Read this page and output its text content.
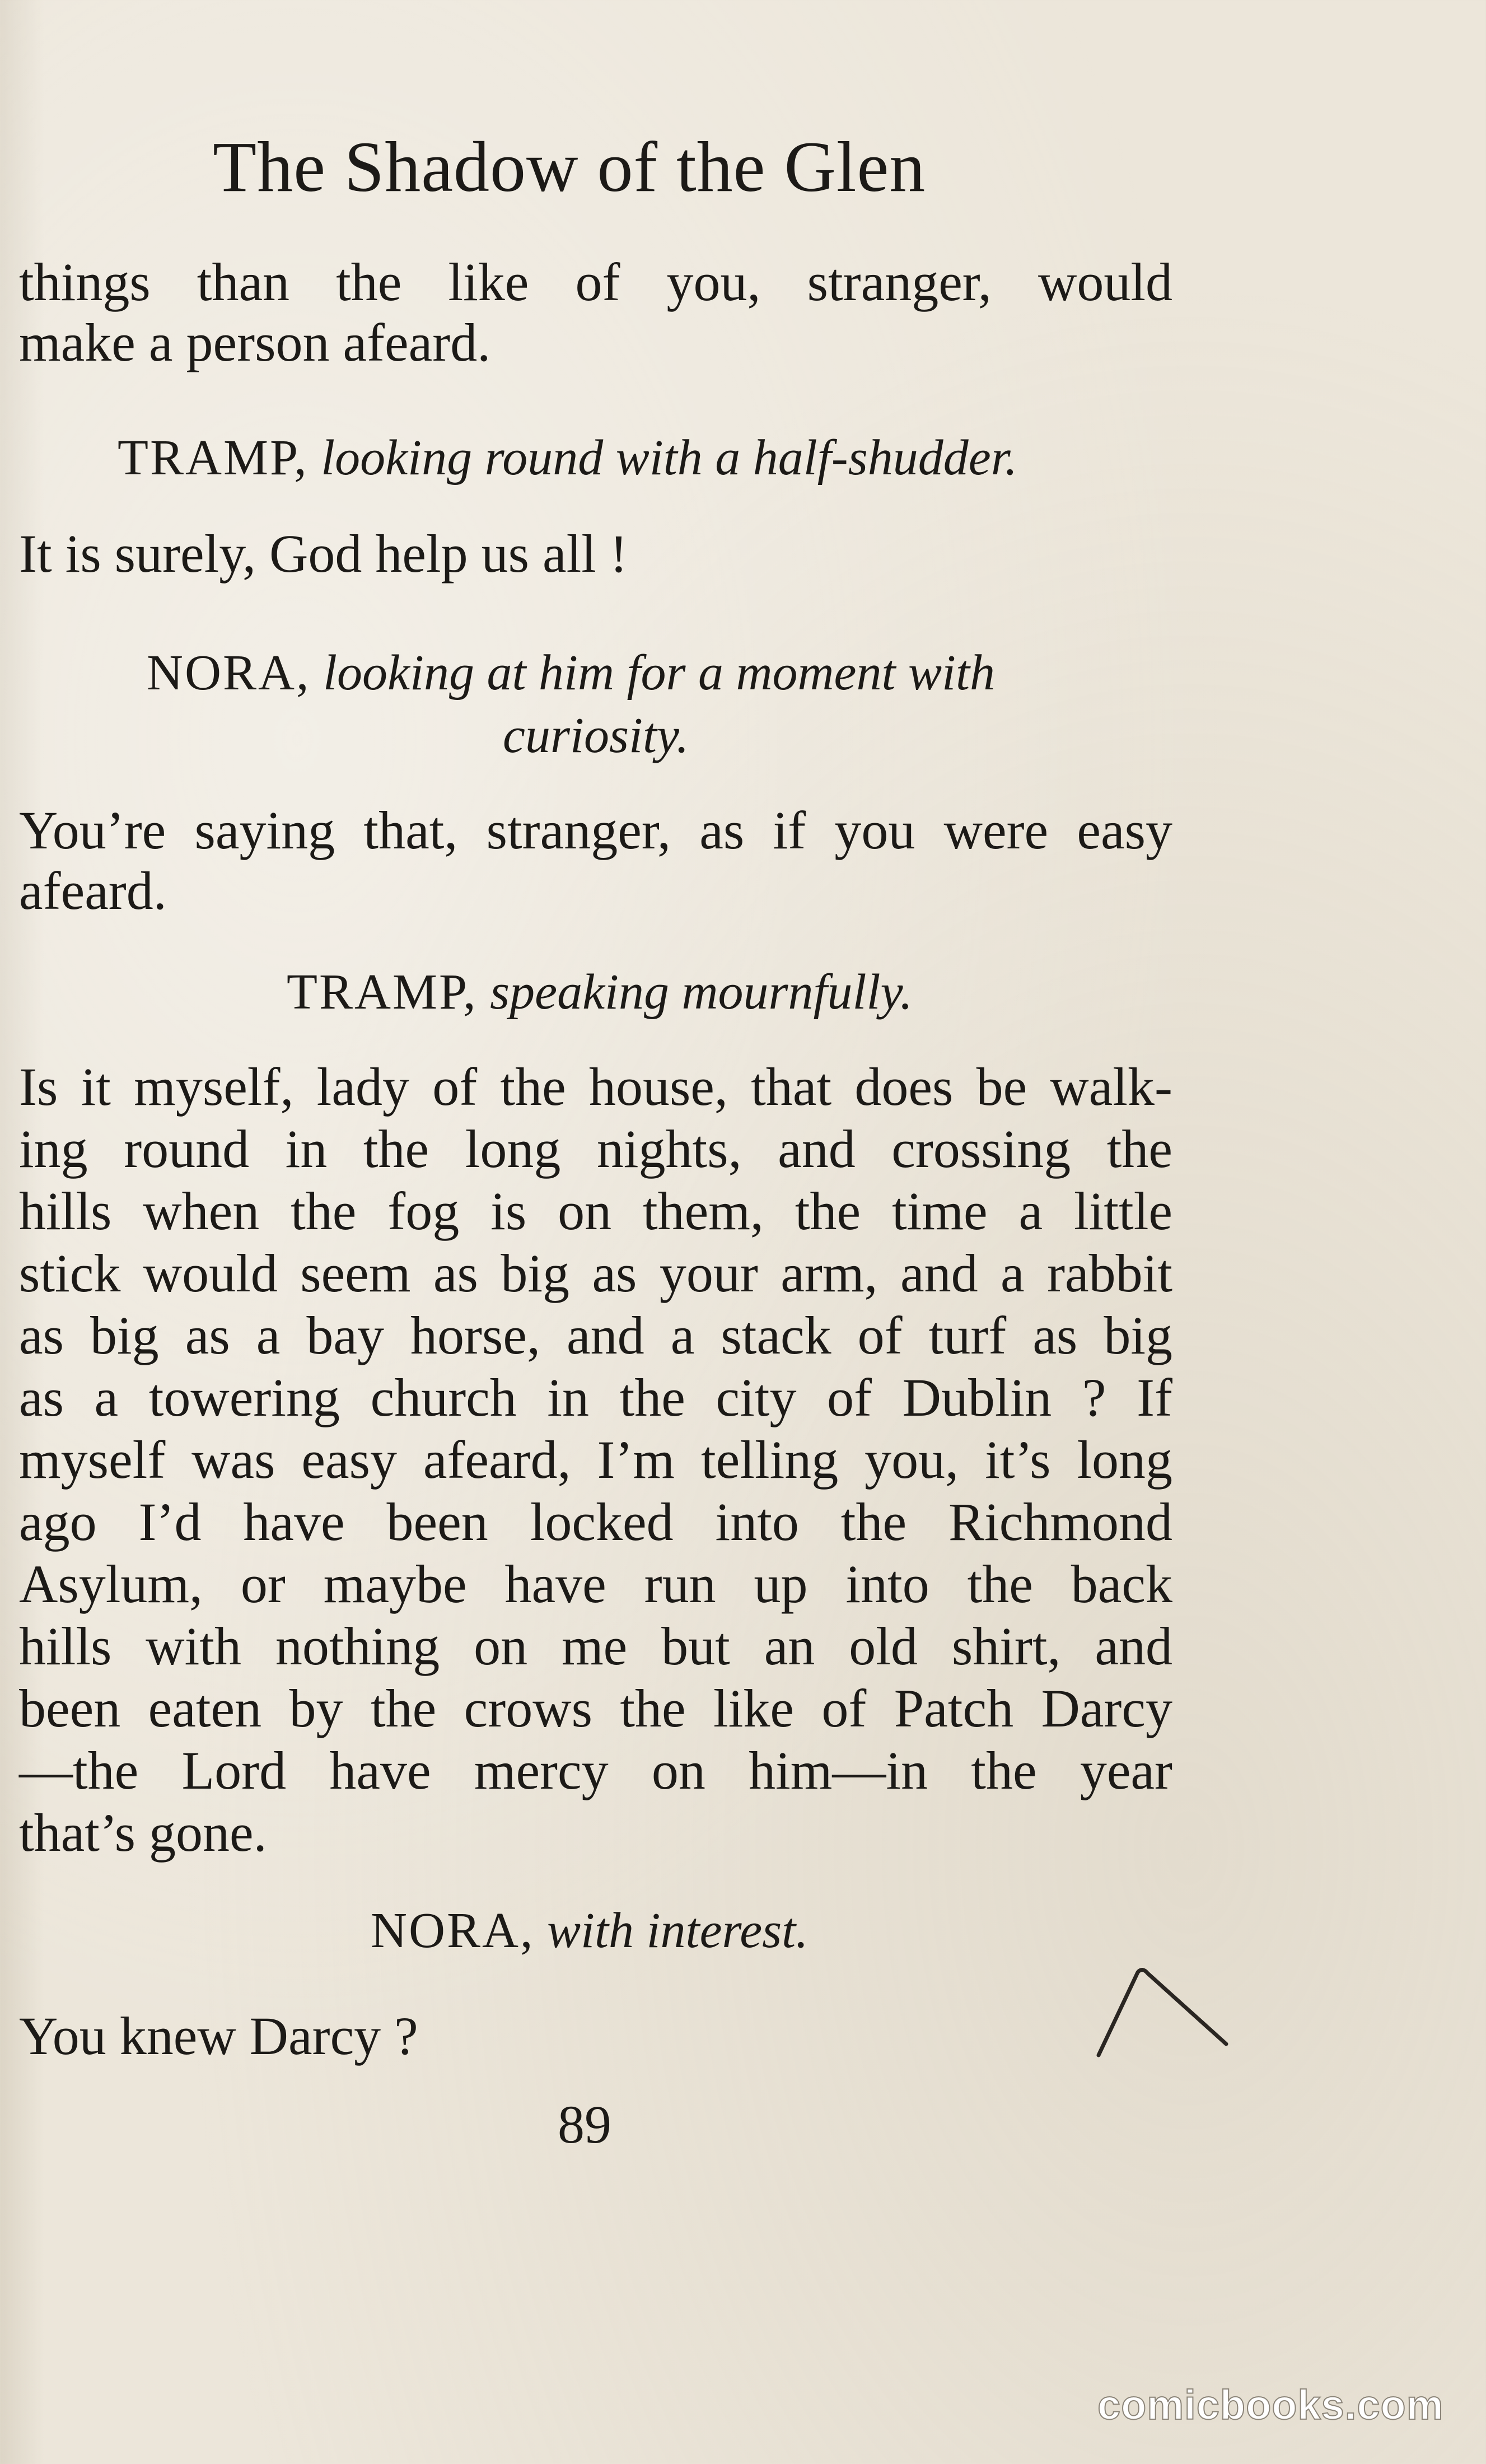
The Shadow of the Glen
things than the like of you, stranger, would
make a person afeard.
TRAMP, looking round with a half-shudder.
It is surely, God help us all !
NORA, looking at him for a moment with
curiosity.
You’re saying that, stranger, as if you were easy
afeard.
TRAMP, speaking mournfully.
Is it myself, lady of the house, that does be walk-
ing round in the long nights, and crossing the
hills when the fog is on them, the time a little
stick would seem as big as your arm, and a rabbit
as big as a bay horse, and a stack of turf as big
as a towering church in the city of Dublin ? If
myself was easy afeard, I’m telling you, it’s long
ago I’d have been locked into the Richmond
Asylum, or maybe have run up into the back
hills with nothing on me but an old shirt, and
been eaten by the crows the like of Patch Darcy
—the Lord have mercy on him—in the year
that’s gone.
NORA, with interest.
You knew Darcy ?
89
comicbooks.com
